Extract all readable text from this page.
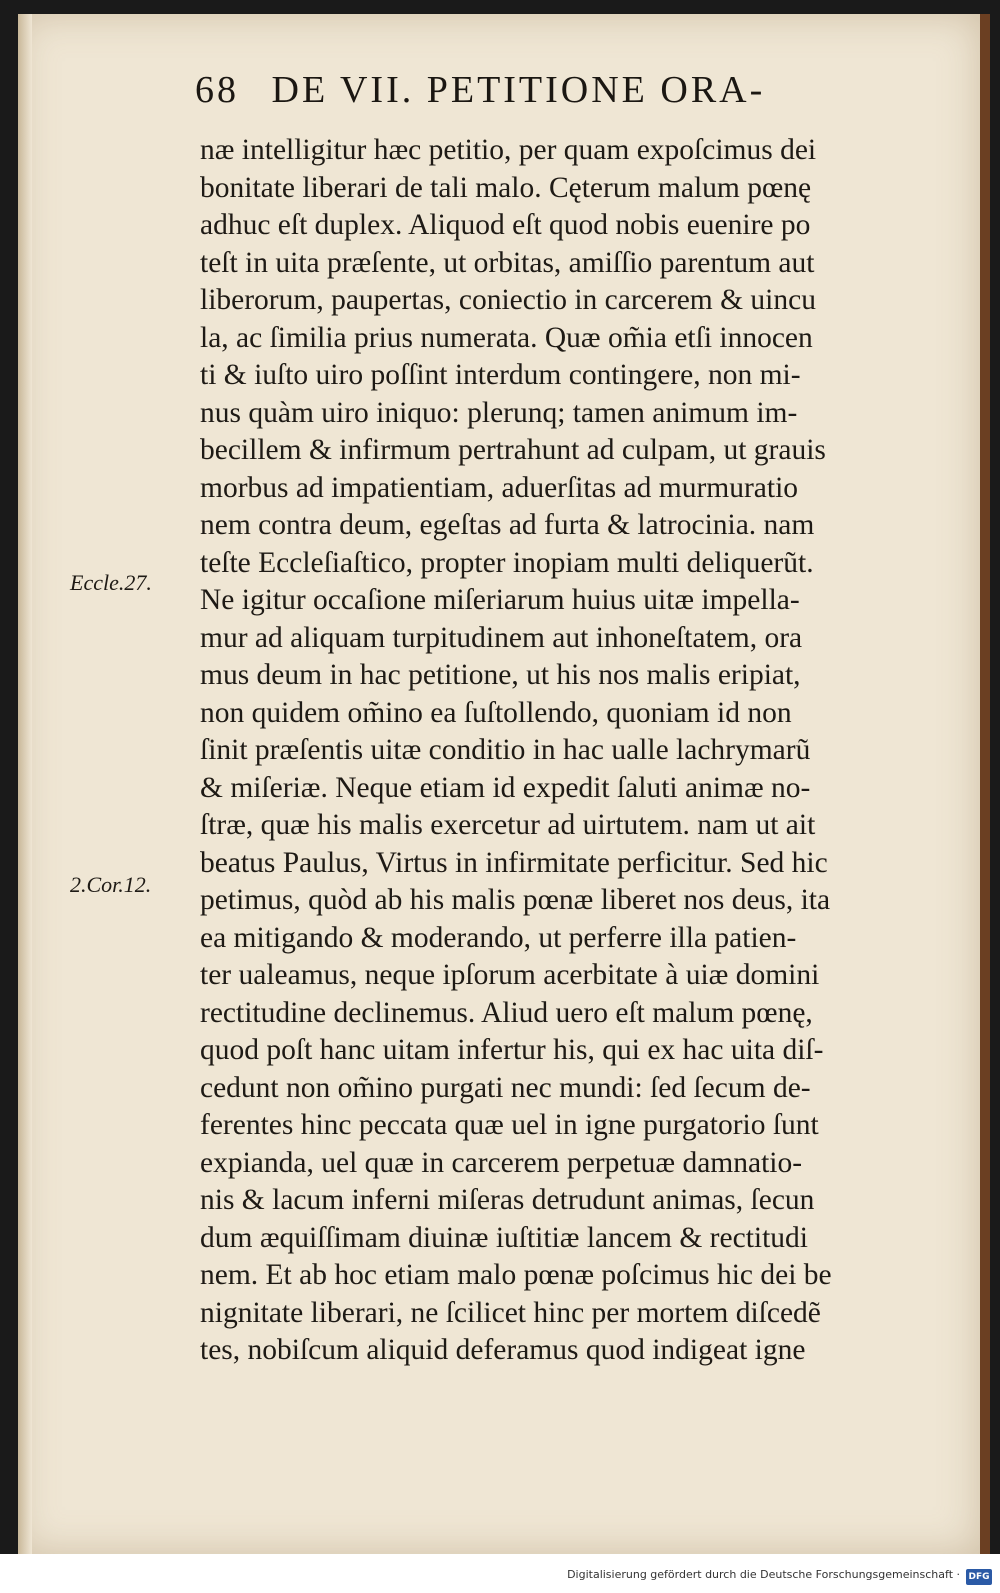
68 DE VII. PETITIONE ORA-
Eccle.27.
2.Cor.12.
næ intelligitur hæc petitio, per quam expoſcimus dei
bonitate liberari de tali malo. Cęterum malum pœnę
adhuc eſt duplex. Aliquod eſt quod nobis euenire po
teſt in uita præſente, ut orbitas, amiſſio parentum aut
liberorum, paupertas, coniectio in carcerem & uincu
la, ac ſimilia prius numerata. Quæ om̃ia etſi innocen
ti & iuſto uiro poſſint interdum contingere, non mi-
nus quàm uiro iniquo: plerunq; tamen animum im-
becillem & infirmum pertrahunt ad culpam, ut grauis
morbus ad impatientiam, aduerſitas ad murmuratio
nem contra deum, egeſtas ad furta & latrocinia. nam
teſte Eccleſiaſtico, propter inopiam multi deliquerũt.
Ne igitur occaſione miſeriarum huius uitæ impella-
mur ad aliquam turpitudinem aut inhoneſtatem, ora
mus deum in hac petitione, ut his nos malis eripiat,
non quidem om̃ino ea ſuſtollendo, quoniam id non
ſinit præſentis uitæ conditio in hac ualle lachrymarũ
& miſeriæ. Neque etiam id expedit ſaluti animæ no-
ſtræ, quæ his malis exercetur ad uirtutem. nam ut ait
beatus Paulus, Virtus in infirmitate perficitur. Sed hic
petimus, quòd ab his malis pœnæ liberet nos deus, ita
ea mitigando & moderando, ut perferre illa patien-
ter ualeamus, neque ipſorum acerbitate à uiæ domini
rectitudine declinemus. Aliud uero eſt malum pœnę,
quod poſt hanc uitam infertur his, qui ex hac uita diſ-
cedunt non om̃ino purgati nec mundi: ſed ſecum de-
ferentes hinc peccata quæ uel in igne purgatorio ſunt
expianda, uel quæ in carcerem perpetuæ damnatio-
nis & lacum inferni miſeras detrudunt animas, ſecun
dum æquiſſimam diuinæ iuſtitiæ lancem & rectitudi
nem. Et ab hoc etiam malo pœnæ poſcimus hic dei be
nignitate liberari, ne ſcilicet hinc per mortem diſcedẽ
tes, nobiſcum aliquid deferamus quod indigeat igne
Digitalisierung gefördert durch die Deutsche Forschungsgemeinschaft · DFG
